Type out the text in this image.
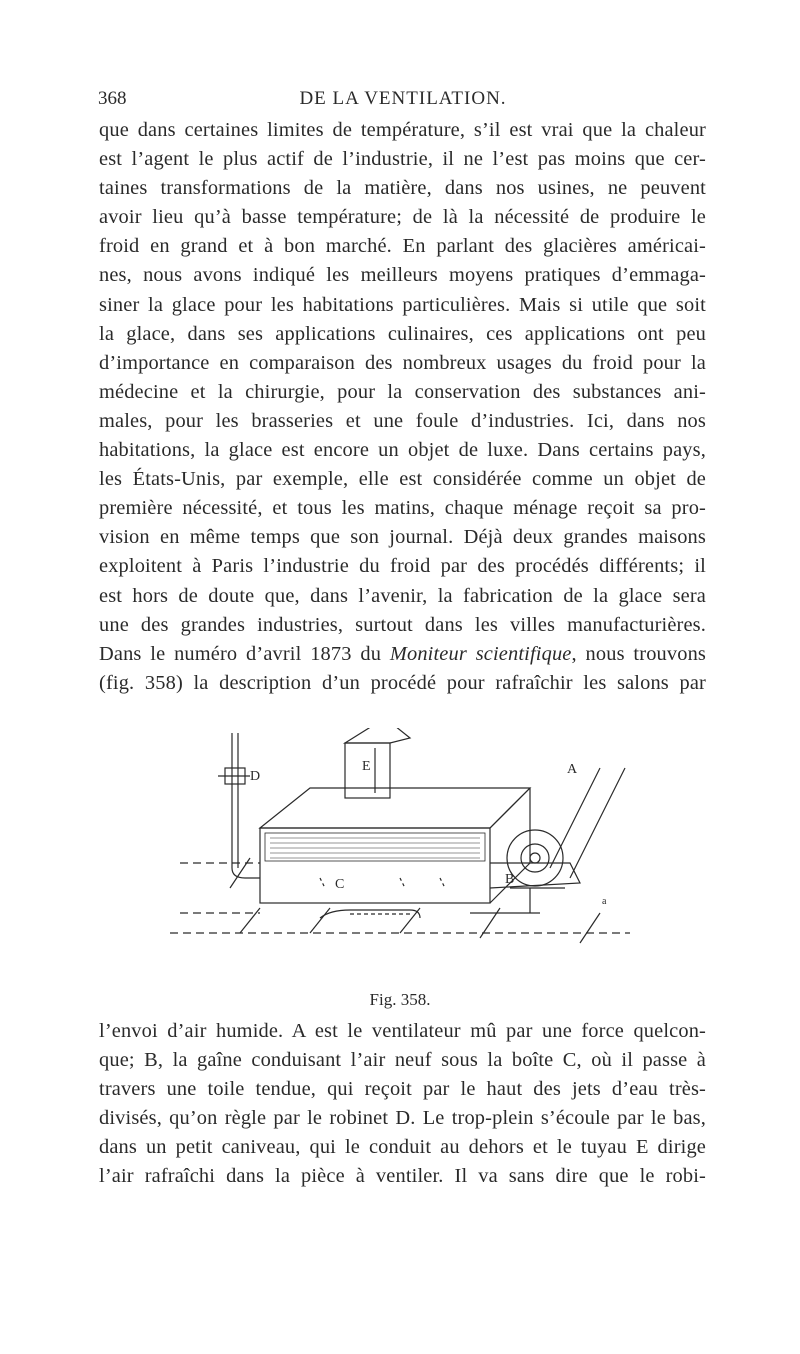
368	DE LA VENTILATION.
que dans certaines limites de température, s’il est vrai que la chaleur
est l’agent le plus actif de l’industrie, il ne l’est pas moins que cer-
taines transformations de la matière, dans nos usines, ne peuvent
avoir lieu qu’à basse température; de là la nécessité de produire le
froid en grand et à bon marché. En parlant des glacières américai-
nes, nous avons indiqué les meilleurs moyens pratiques d’emmaga-
siner la glace pour les habitations particulières. Mais si utile que soit
la glace, dans ses applications culinaires, ces applications ont peu
d’importance en comparaison des nombreux usages du froid pour la
médecine et la chirurgie, pour la conservation des substances ani-
males, pour les brasseries et une foule d’industries. Ici, dans nos
habitations, la glace est encore un objet de luxe. Dans certains pays,
les États-Unis, par exemple, elle est considérée comme un objet de
première nécessité, et tous les matins, chaque ménage reçoit sa pro-
vision en même temps que son journal. Déjà deux grandes maisons
exploitent à Paris l’industrie du froid par des procédés différents; il
est hors de doute que, dans l’avenir, la fabrication de la glace sera
une des grandes industries, surtout dans les villes manufacturières.
Dans le numéro d’avril 1873 du Moniteur scientifique, nous trouvons
(fig. 358) la description d’un procédé pour rafraîchir les salons par
D
E	A
C	B
a
Fig. 358.
l’envoi d’air humide. A est le ventilateur mû par une force quelcon-
que; B, la gaîne conduisant l’air neuf sous la boîte C, où il passe à
travers une toile tendue, qui reçoit par le haut des jets d’eau très-
divisés, qu’on règle par le robinet D. Le trop-plein s’écoule par le bas,
dans un petit caniveau, qui le conduit au dehors et le tuyau E dirige
l’air rafraîchi dans la pièce à ventiler. Il va sans dire que le robi-
